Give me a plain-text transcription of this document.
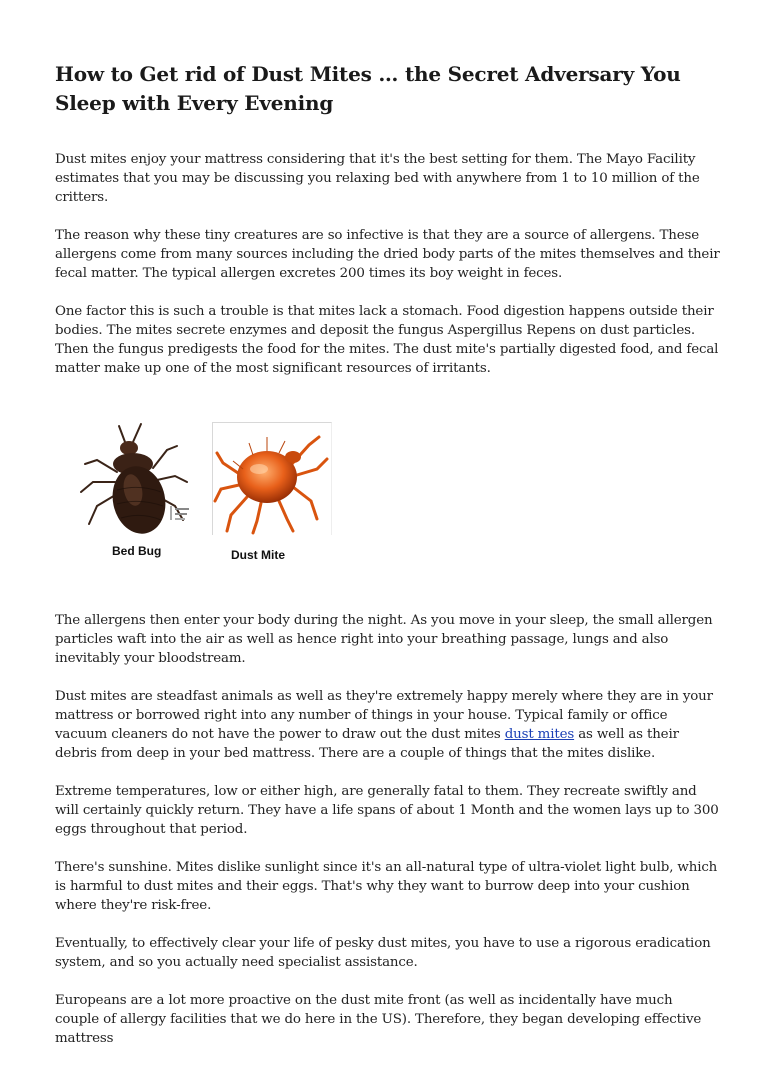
How to Get rid of Dust Mites … the Secret Adversary You Sleep with Every Evening

Dust mites enjoy your mattress considering that it's the best setting for them. The Mayo Facility estimates that you may be discussing you relaxing bed with anywhere from 1 to 10 million of the critters.

The reason why these tiny creatures are so infective is that they are a source of allergens. These allergens come from many sources including the dried body parts of the mites themselves and their fecal matter. The typical allergen excretes 200 times its boy weight in feces.

One factor this is such a trouble is that mites lack a stomach. Food digestion happens outside their bodies. The mites secrete enzymes and deposit the fungus Aspergillus Repens on dust particles. Then the fungus predigests the food for the mites. The dust mite's partially digested food, and fecal matter make up one of the most significant resources of irritants.

Bed Bug	Dust Mite

The allergens then enter your body during the night. As you move in your sleep, the small allergen particles waft into the air as well as hence right into your breathing passage, lungs and also inevitably your bloodstream.

Dust mites are steadfast animals as well as they're extremely happy merely where they are in your mattress or borrowed right into any number of things in your house. Typical family or office vacuum cleaners do not have the power to draw out the dust mites dust mites as well as their debris from deep in your bed mattress. There are a couple of things that the mites dislike.

Extreme temperatures, low or either high, are generally fatal to them. They recreate swiftly and will certainly quickly return. They have a life spans of about 1 Month and the women lays up to 300 eggs throughout that period.

There's sunshine. Mites dislike sunlight since it's an all-natural type of ultra-violet light bulb, which is harmful to dust mites and their eggs. That's why they want to burrow deep into your cushion where they're risk-free.

Eventually, to effectively clear your life of pesky dust mites, you have to use a rigorous eradication system, and so you actually need specialist assistance.

Europeans are a lot more proactive on the dust mite front (as well as incidentally have much couple of allergy facilities that we do here in the US). Therefore, they began developing effective mattress
